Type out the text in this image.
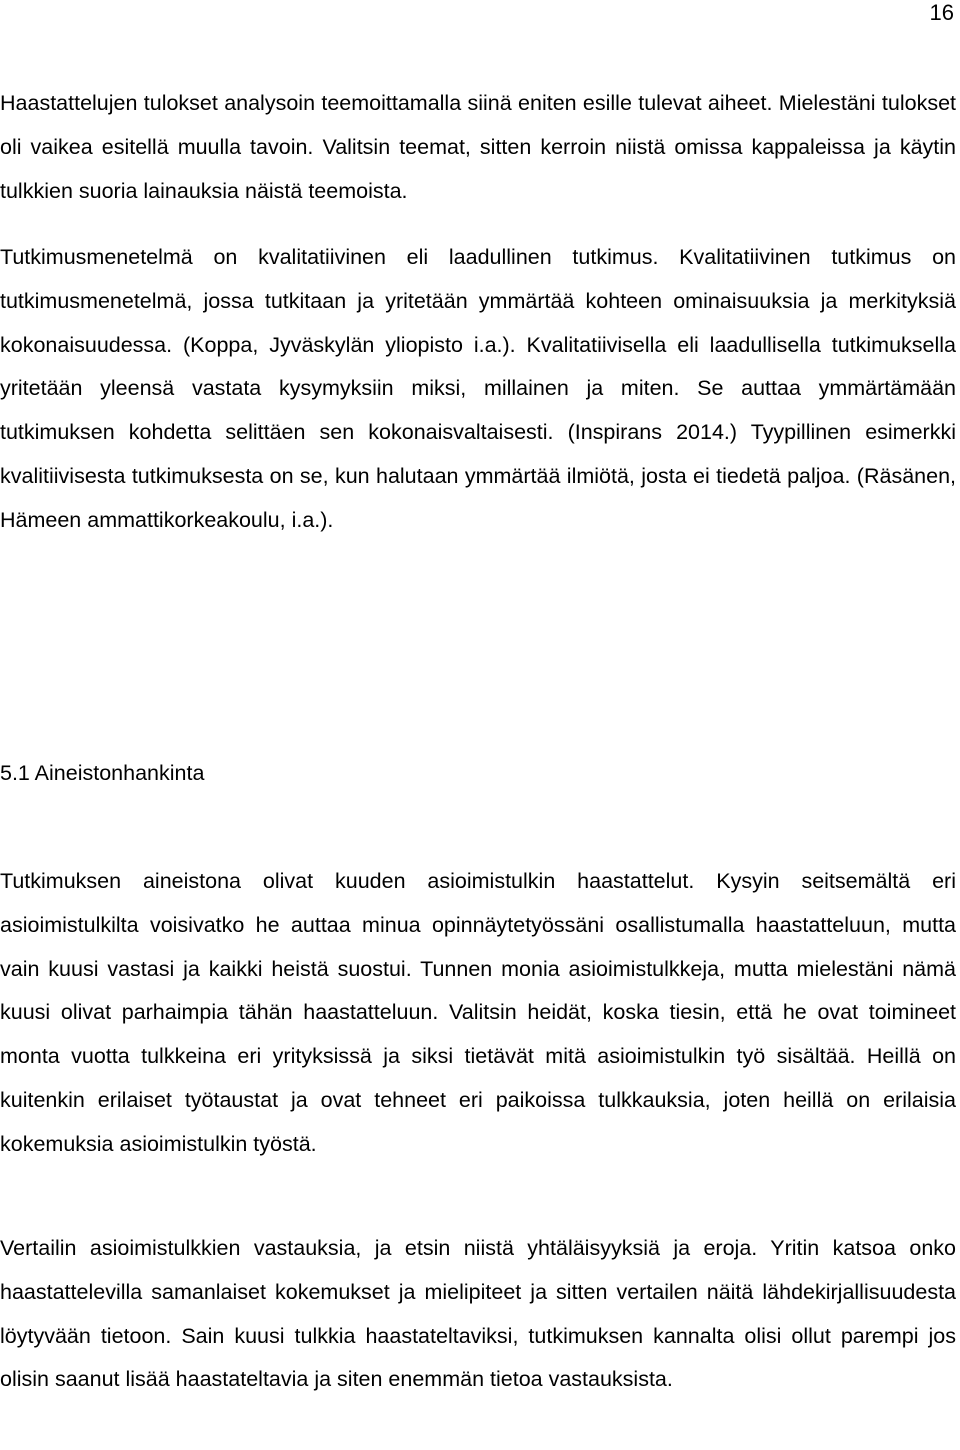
16

Haastattelujen tulokset analysoin teemoittamalla siinä eniten esille tulevat aiheet. Mielestäni tulokset oli vaikea esitellä muulla tavoin. Valitsin teemat, sitten kerroin niistä omissa kappaleissa ja käytin tulkkien suoria lainauksia näistä teemoista.

Tutkimusmenetelmä on kvalitatiivinen eli laadullinen tutkimus. Kvalitatiivinen tutkimus on tutkimusmenetelmä, jossa tutkitaan ja yritetään ymmärtää kohteen ominaisuuksia ja merkityksiä kokonaisuudessa. (Koppa, Jyväskylän yliopisto i.a.). Kvalitatiivisella eli laadullisella tutkimuksella yritetään yleensä vastata kysymyksiin miksi, millainen ja miten. Se auttaa ymmärtämään tutkimuksen kohdetta selittäen sen kokonaisvaltaisesti. (Inspirans 2014.) Tyypillinen esimerkki kvalitiivisesta tutkimuksesta on se, kun halutaan ymmärtää ilmiötä, josta ei tiedetä paljoa. (Räsänen, Hämeen ammattikorkeakoulu, i.a.).

5.1 Aineistonhankinta

Tutkimuksen aineistona olivat kuuden asioimistulkin haastattelut. Kysyin seitsemältä eri asioimistulkilta voisivatko he auttaa minua opinnäytetyössäni osallistumalla haastatteluun, mutta vain kuusi vastasi ja kaikki heistä suostui. Tunnen monia asioimistulkkeja, mutta mielestäni nämä kuusi olivat parhaimpia tähän haastatteluun. Valitsin heidät, koska tiesin, että he ovat toimineet monta vuotta tulkkeina eri yrityksissä ja siksi tietävät mitä asioimistulkin työ sisältää. Heillä on kuitenkin erilaiset työtaustat ja ovat tehneet eri paikoissa tulkkauksia, joten heillä on erilaisia kokemuksia asioimistulkin työstä.

Vertailin asioimistulkkien vastauksia, ja etsin niistä yhtäläisyyksiä ja eroja. Yritin katsoa onko haastattelevilla samanlaiset kokemukset ja mielipiteet ja sitten vertailen näitä lähdekirjallisuudesta löytyvään tietoon. Sain kuusi tulkkia haastateltaviksi, tutkimuksen kannalta olisi ollut parempi jos olisin saanut lisää haastateltavia ja siten enemmän tietoa vastauksista.
